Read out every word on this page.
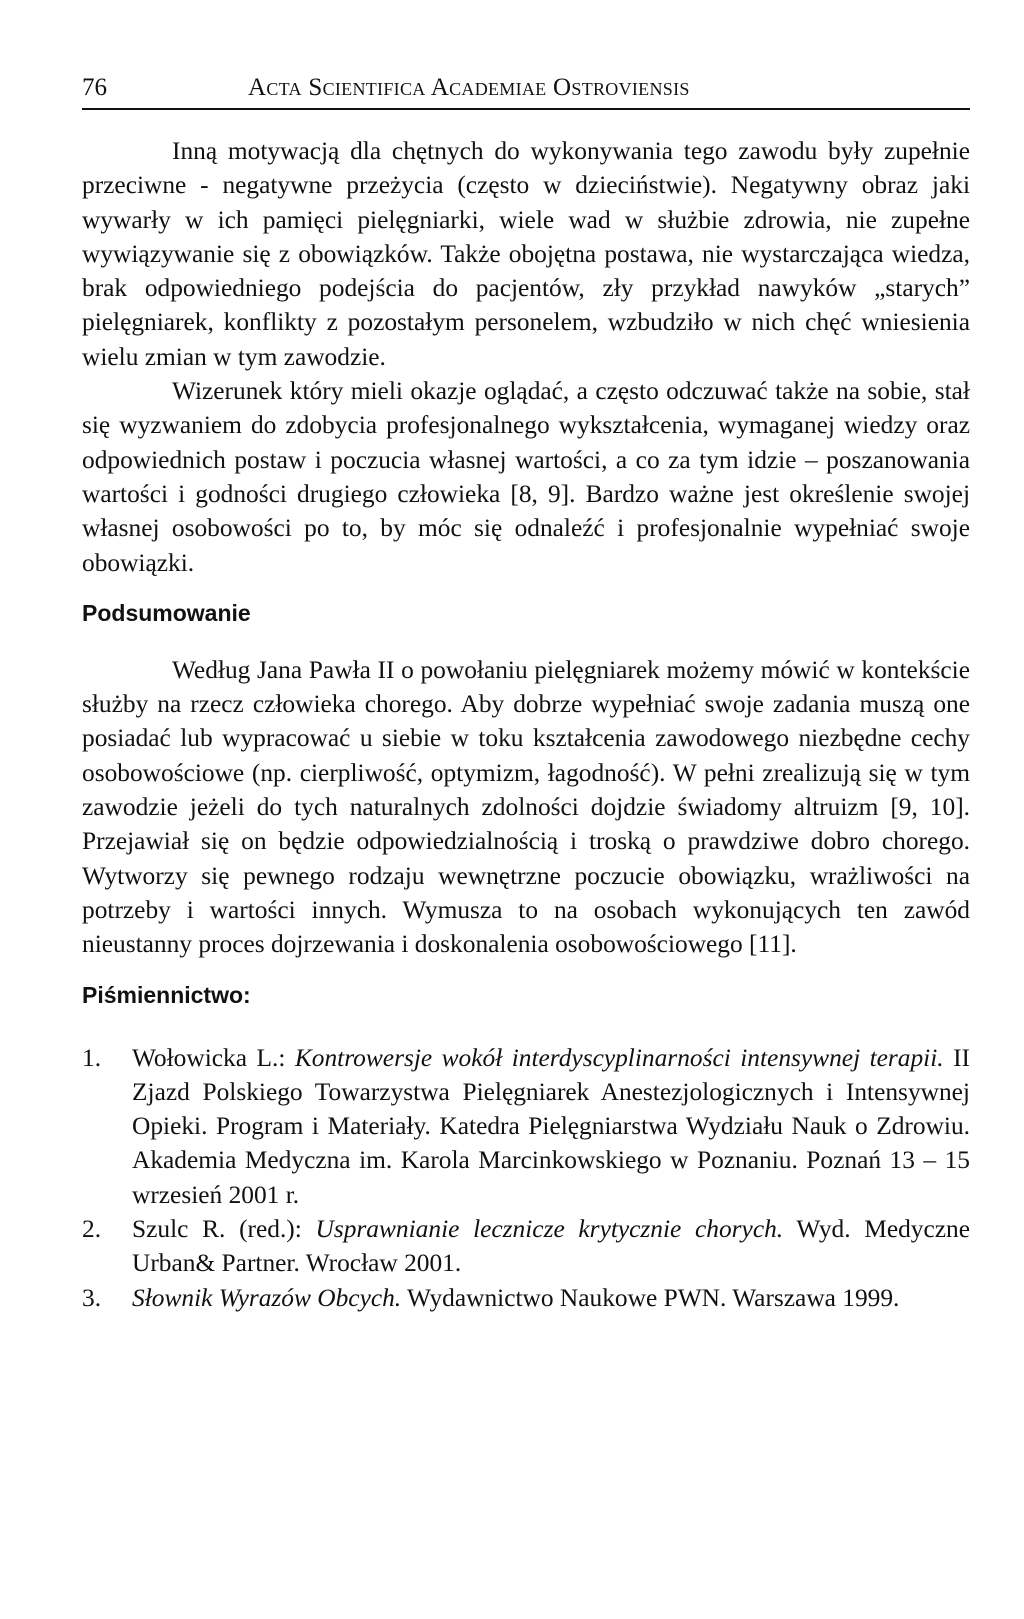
76	Acta Scientifica Academiae Ostroviensis

Inną motywacją dla chętnych do wykonywania tego zawodu były zupełnie przeciwne - negatywne przeżycia (często w dzieciństwie). Negatywny obraz jaki wywarły w ich pamięci pielęgniarki, wiele wad w służbie zdrowia, nie zupełne wywiązywanie się z obowiązków. Także obojętna postawa, nie wystarczająca wiedza, brak odpowiedniego podejścia do pacjentów, zły przykład nawyków „starych” pielęgniarek, konflikty z pozostałym personelem, wzbudziło w nich chęć wniesienia wielu zmian w tym zawodzie.

Wizerunek który mieli okazje oglądać, a często odczuwać także na sobie, stał się wyzwaniem do zdobycia profesjonalnego wykształcenia, wymaganej wiedzy oraz odpowiednich postaw i poczucia własnej wartości, a co za tym idzie – poszanowania wartości i godności drugiego człowieka [8, 9]. Bardzo ważne jest określenie swojej własnej osobowości po to, by móc się odnaleźć i profesjonalnie wypełniać swoje obowiązki.

Podsumowanie

Według Jana Pawła II o powołaniu pielęgniarek możemy mówić w kontekście służby na rzecz człowieka chorego. Aby dobrze wypełniać swoje zadania muszą one posiadać lub wypracować u siebie w toku kształcenia zawodowego niezbędne cechy osobowościowe (np. cierpliwość, optymizm, łagodność). W pełni zrealizują się w tym zawodzie jeżeli do tych naturalnych zdolności dojdzie świadomy altruizm [9, 10]. Przejawiał się on będzie odpowiedzialnością i troską o prawdziwe dobro chorego. Wytworzy się pewnego rodzaju wewnętrzne poczucie obowiązku, wrażliwości na potrzeby i wartości innych. Wymusza to na osobach wykonujących ten zawód nieustanny proces dojrzewania i doskonalenia osobowościowego [11].

Piśmiennictwo:
1. Wołowicka L.: Kontrowersje wokół interdyscyplinarności intensywnej terapii. II Zjazd Polskiego Towarzystwa Pielęgniarek Anestezjologicznych i Intensywnej Opieki. Program i Materiały. Katedra Pielęgniarstwa Wydziału Nauk o Zdrowiu. Akademia Medyczna im. Karola Marcinkowskiego w Poznaniu. Poznań 13 – 15 wrzesień 2001 r.
2. Szulc R. (red.): Usprawnianie lecznicze krytycznie chorych. Wyd. Medyczne Urban& Partner. Wrocław 2001.
3. Słownik Wyrazów Obcych. Wydawnictwo Naukowe PWN. Warszawa 1999.
